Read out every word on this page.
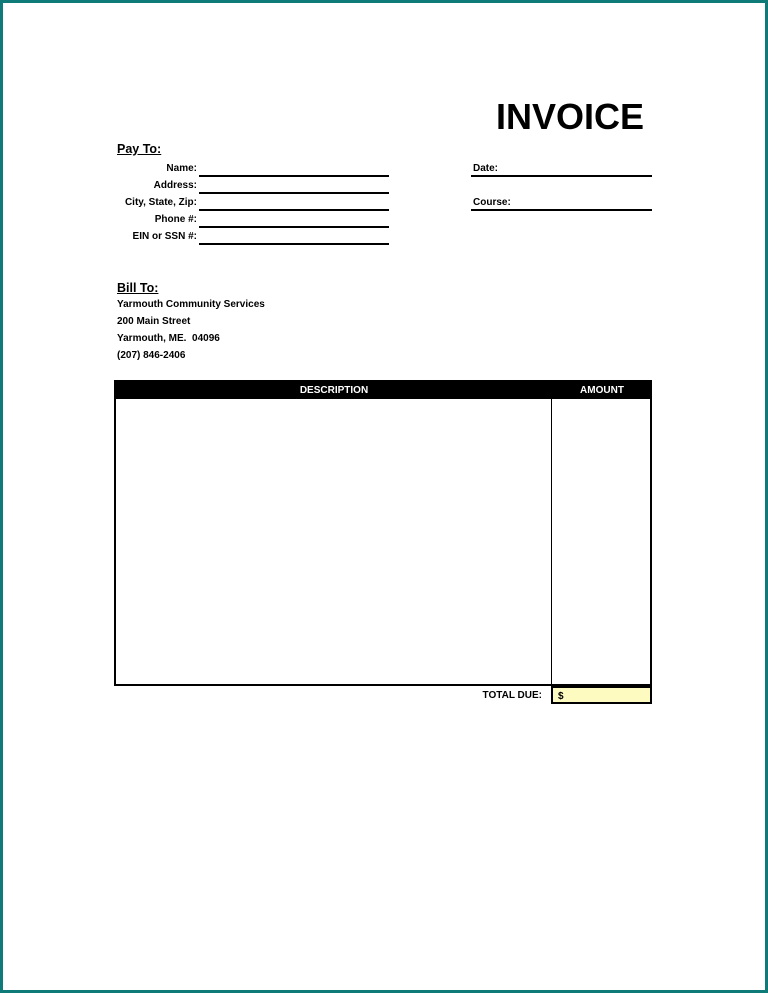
INVOICE
Pay To:
Name:
Address:
City, State, Zip:
Phone #:
EIN or SSN #:
Date:
Course:
Bill To:
Yarmouth Community Services
200 Main Street
Yarmouth, ME.  04096
(207) 846-2406
DESCRIPTION	AMOUNT
TOTAL DUE:	$
